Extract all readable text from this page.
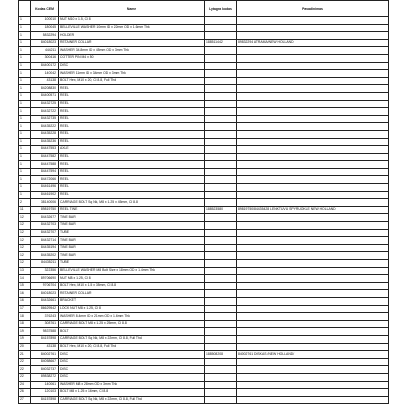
	Kodas CEM	Name	Lytagra kodas	Pavadinimas
1	100010	NUT M10 x 1.5, Cl 8		
1	180045	BELLEVILLE WASHER 10mm ID x 22mm OD x 1.6mm Thk		
1	5832294	HOLDER		
1	84018023	RETAINER COLLAR	188511442	89832294 ATRAMA/NEW HOLLAND
1	444211	WASHER 34.8mm ID x 45mm OD x 3mm Thk		
1	300416	COTTER PIN M4 x 50		
1	84400172	DISC		
1	140042	WASHER 11mm ID x 34mm OD x 3mm Thk		
1	43138	BOLT Hex, M10 x 20, Cl 8.8, Full Thd		
1	84208830	REEL		
1	84400571	REEL		
1	84432725	REEL		
1	84432722	REEL		
1	84432735	REEL		
1	84435222	REEL		
1	84435228	REEL		
1	84435236	REEL		
1	84447553	AXLE		
1	84447582	REEL		
1	84447588	REEL		
1	84447594	REEL		
1	84472066	REEL		
1	84461496	REEL		
1	84461902	REEL		
2	38140006	CARRIAGE BOLT Sq Nk, M8 x 1.25 x 45mm, Cl 8.8		
11	89819750	REEL TINE	188523580	89819750/84435428 LENKTUVU SPYRUOKLE NEW HOLLAND
12	84432677	TINE BAR		
12	84432703	TINE BAR		
12	84432707	TUBE		
12	84432714	TINE BAR		
12	84435194	TINE BAR		
12	84435202	TINE BAR		
12	84435211	TUBE		
13	322356	BELLEVILLE WASHER M8 Bolt Size x 18mm OD x 1.4mm Thk		
14	89706690	NUT M8 x 1.25, Cl 8		
15	9706704	BOLT Hex, M10 x 1.5 x 35mm, Cl 8.8		
16	84018023	RETAINER COLLAR		
16	84432661	BRACKET		
17	86629542	LOCK NUT M8 x 1.25, Cl 8		
18	376243	WASHER 8.4mm ID x 21mm OD x 1.6mm Thk		
18	308761	CARRIAGE BOLT M8 x 1.25 x 25mm, Cl 8.8		
19	9837588	BOLT		
19	84157898	CARRIAGE BOLT Sq Nk, M8 x 22mm, Cl 8.8, Full Thd		
20	43138	BOLT Hex, M10 x 20, Cl 8.8, Full Thd		
21	84002761	DISC	188508208	84002761 DISKAS /NEW HOLLAND/
22	84058667	DISC		
22	84032737	DISC		
22	89838272	DISC		
24	140061	WASHER M8 x 28mm OD x 3mm Thk		
26	120103	BOLT M8 x 1.25 x 16mm, Cl 8.8		
27	84157898	CARRIAGE BOLT Sq Nk, M8 x 22mm, Cl 8.8, Full Thd		
